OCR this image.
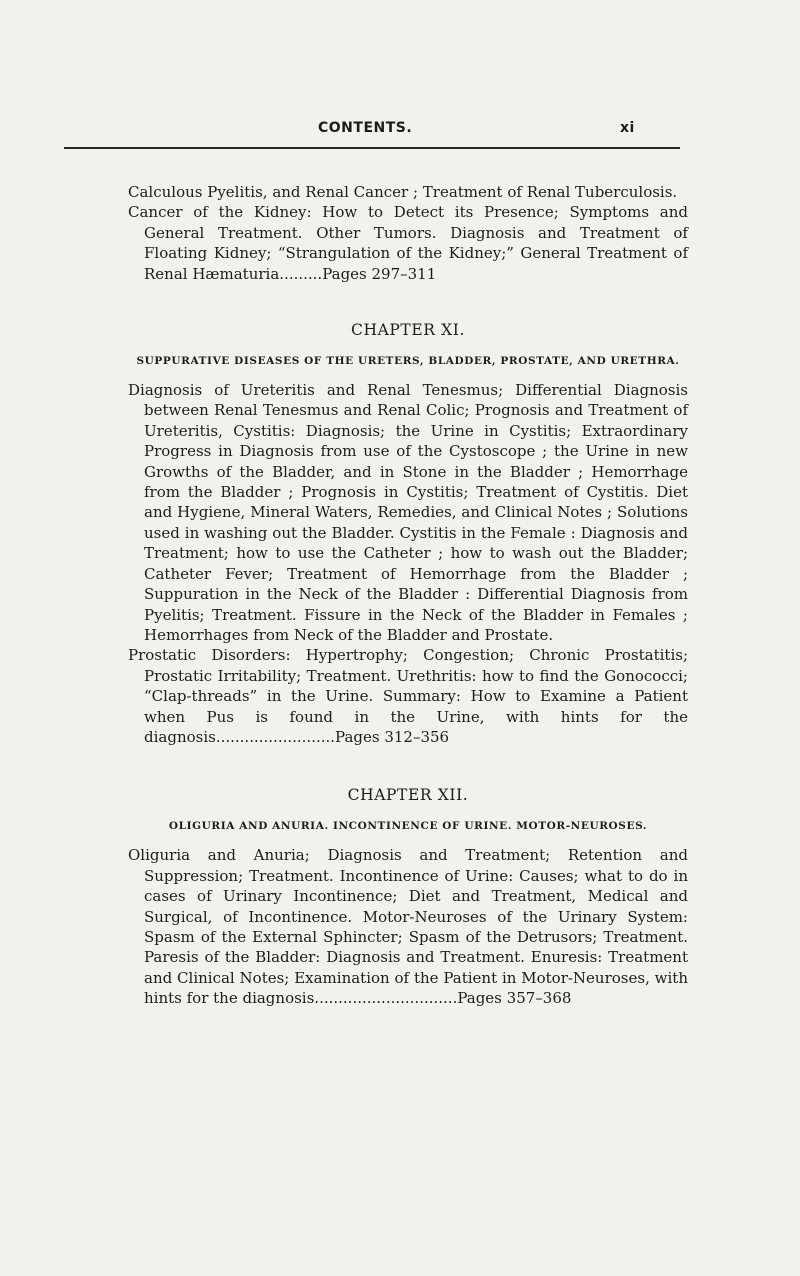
CONTENTS.	xi

Calculous Pyelitis, and Renal Cancer ; Treatment of Renal Tuberculosis.

Cancer of the Kidney: How to Detect its Presence; Symptoms and General Treatment. Other Tumors. Diagnosis and Treatment of Floating Kidney; “Strangulation of the Kidney;” General Treatment of Renal Hæmaturia.........Pages 297–311

CHAPTER XI.
SUPPURATIVE DISEASES OF THE URETERS, BLADDER, PROSTATE, AND URETHRA.

Diagnosis of Ureteritis and Renal Tenesmus; Differential Diagnosis between Renal Tenesmus and Renal Colic; Prognosis and Treatment of Ureteritis, Cystitis: Diagnosis; the Urine in Cystitis; Extraordinary Progress in Diagnosis from use of the Cystoscope ; the Urine in new Growths of the Bladder, and in Stone in the Bladder ; Hemorrhage from the Bladder ; Prognosis in Cystitis; Treatment of Cystitis. Diet and Hygiene, Mineral Waters, Remedies, and Clinical Notes ; Solutions used in washing out the Bladder. Cystitis in the Female : Diagnosis and Treatment; how to use the Catheter ; how to wash out the Bladder; Catheter Fever; Treatment of Hemorrhage from the Bladder ; Suppuration in the Neck of the Bladder : Differential Diagnosis from Pyelitis; Treatment. Fissure in the Neck of the Bladder in Females ; Hemorrhages from Neck of the Bladder and Prostate.

Prostatic Disorders: Hypertrophy; Congestion; Chronic Prostatitis; Prostatic Irritability; Treatment. Urethritis: how to find the Gonococci; “Clap-threads” in the Urine. Summary: How to Examine a Patient when Pus is found in the Urine, with hints for the diagnosis.........................Pages 312–356

CHAPTER XII.
OLIGURIA AND ANURIA. INCONTINENCE OF URINE. MOTOR-NEUROSES.

Oliguria and Anuria; Diagnosis and Treatment; Retention and Suppression; Treatment. Incontinence of Urine: Causes; what to do in cases of Urinary Incontinence; Diet and Treatment, Medical and Surgical, of Incontinence. Motor-Neuroses of the Urinary System: Spasm of the External Sphincter; Spasm of the Detrusors; Treatment. Paresis of the Bladder: Diagnosis and Treatment. Enuresis: Treatment and Clinical Notes; Examination of the Patient in Motor-Neuroses, with hints for the diagnosis..............................Pages 357–368
